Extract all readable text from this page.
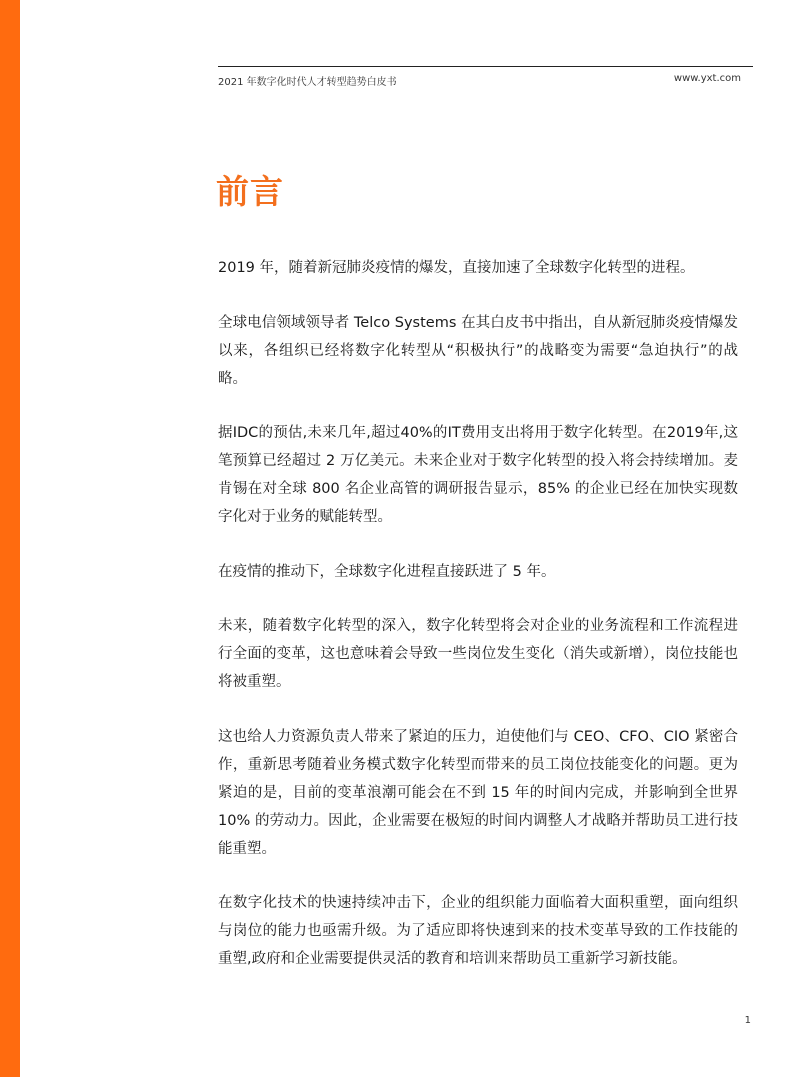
2021 年数字化时代人才转型趋势白皮书	www.yxt.com
前言

2019 年，随着新冠肺炎疫情的爆发，直接加速了全球数字化转型的进程。

全球电信领域领导者 Telco Systems 在其白皮书中指出，自从新冠肺炎疫情爆发以来，各组织已经将数字化转型从“积极执行”的战略变为需要“急迫执行”的战略。

据IDC的预估,未来几年,超过40%的IT费用支出将用于数字化转型。在2019年,这笔预算已经超过 2 万亿美元。未来企业对于数字化转型的投入将会持续增加。麦肯锡在对全球 800 名企业高管的调研报告显示，85% 的企业已经在加快实现数字化对于业务的赋能转型。

在疫情的推动下，全球数字化进程直接跃进了 5 年。

未来，随着数字化转型的深入，数字化转型将会对企业的业务流程和工作流程进行全面的变革，这也意味着会导致一些岗位发生变化（消失或新增），岗位技能也将被重塑。

这也给人力资源负责人带来了紧迫的压力，迫使他们与 CEO、CFO、CIO 紧密合作，重新思考随着业务模式数字化转型而带来的员工岗位技能变化的问题。更为紧迫的是，目前的变革浪潮可能会在不到 15 年的时间内完成，并影响到全世界 10% 的劳动力。因此，企业需要在极短的时间内调整人才战略并帮助员工进行技能重塑。

在数字化技术的快速持续冲击下，企业的组织能力面临着大面积重塑，面向组织与岗位的能力也亟需升级。为了适应即将快速到来的技术变革导致的工作技能的重塑,政府和企业需要提供灵活的教育和培训来帮助员工重新学习新技能。

1
